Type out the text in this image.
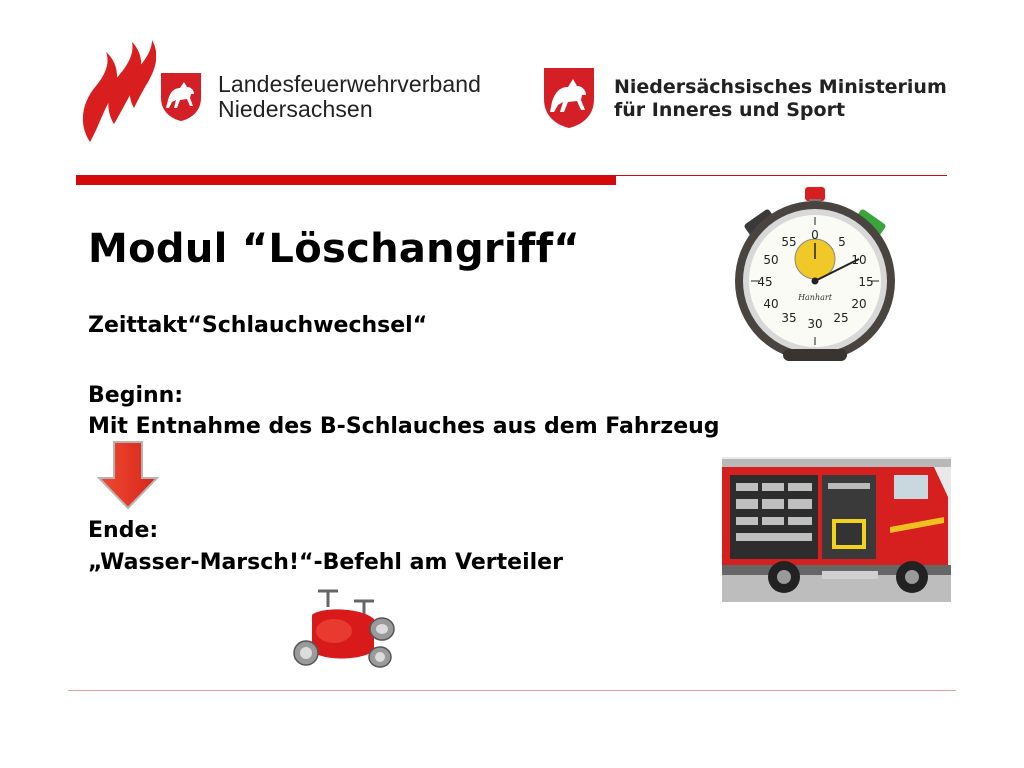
Landesfeuerwehrverband
Niedersachsen
Niedersächsisches Ministerium
für Inneres und Sport
0 5
10
15
20
25
30
35
40
45
50
55
Hanhart
Modul “Löschangriff“
Zeittakt“Schlauchwechsel“
Beginn:
Mit Entnahme des B-Schlauches aus dem Fahrzeug
Ende:
„Wasser-Marsch!“-Befehl am Verteiler
